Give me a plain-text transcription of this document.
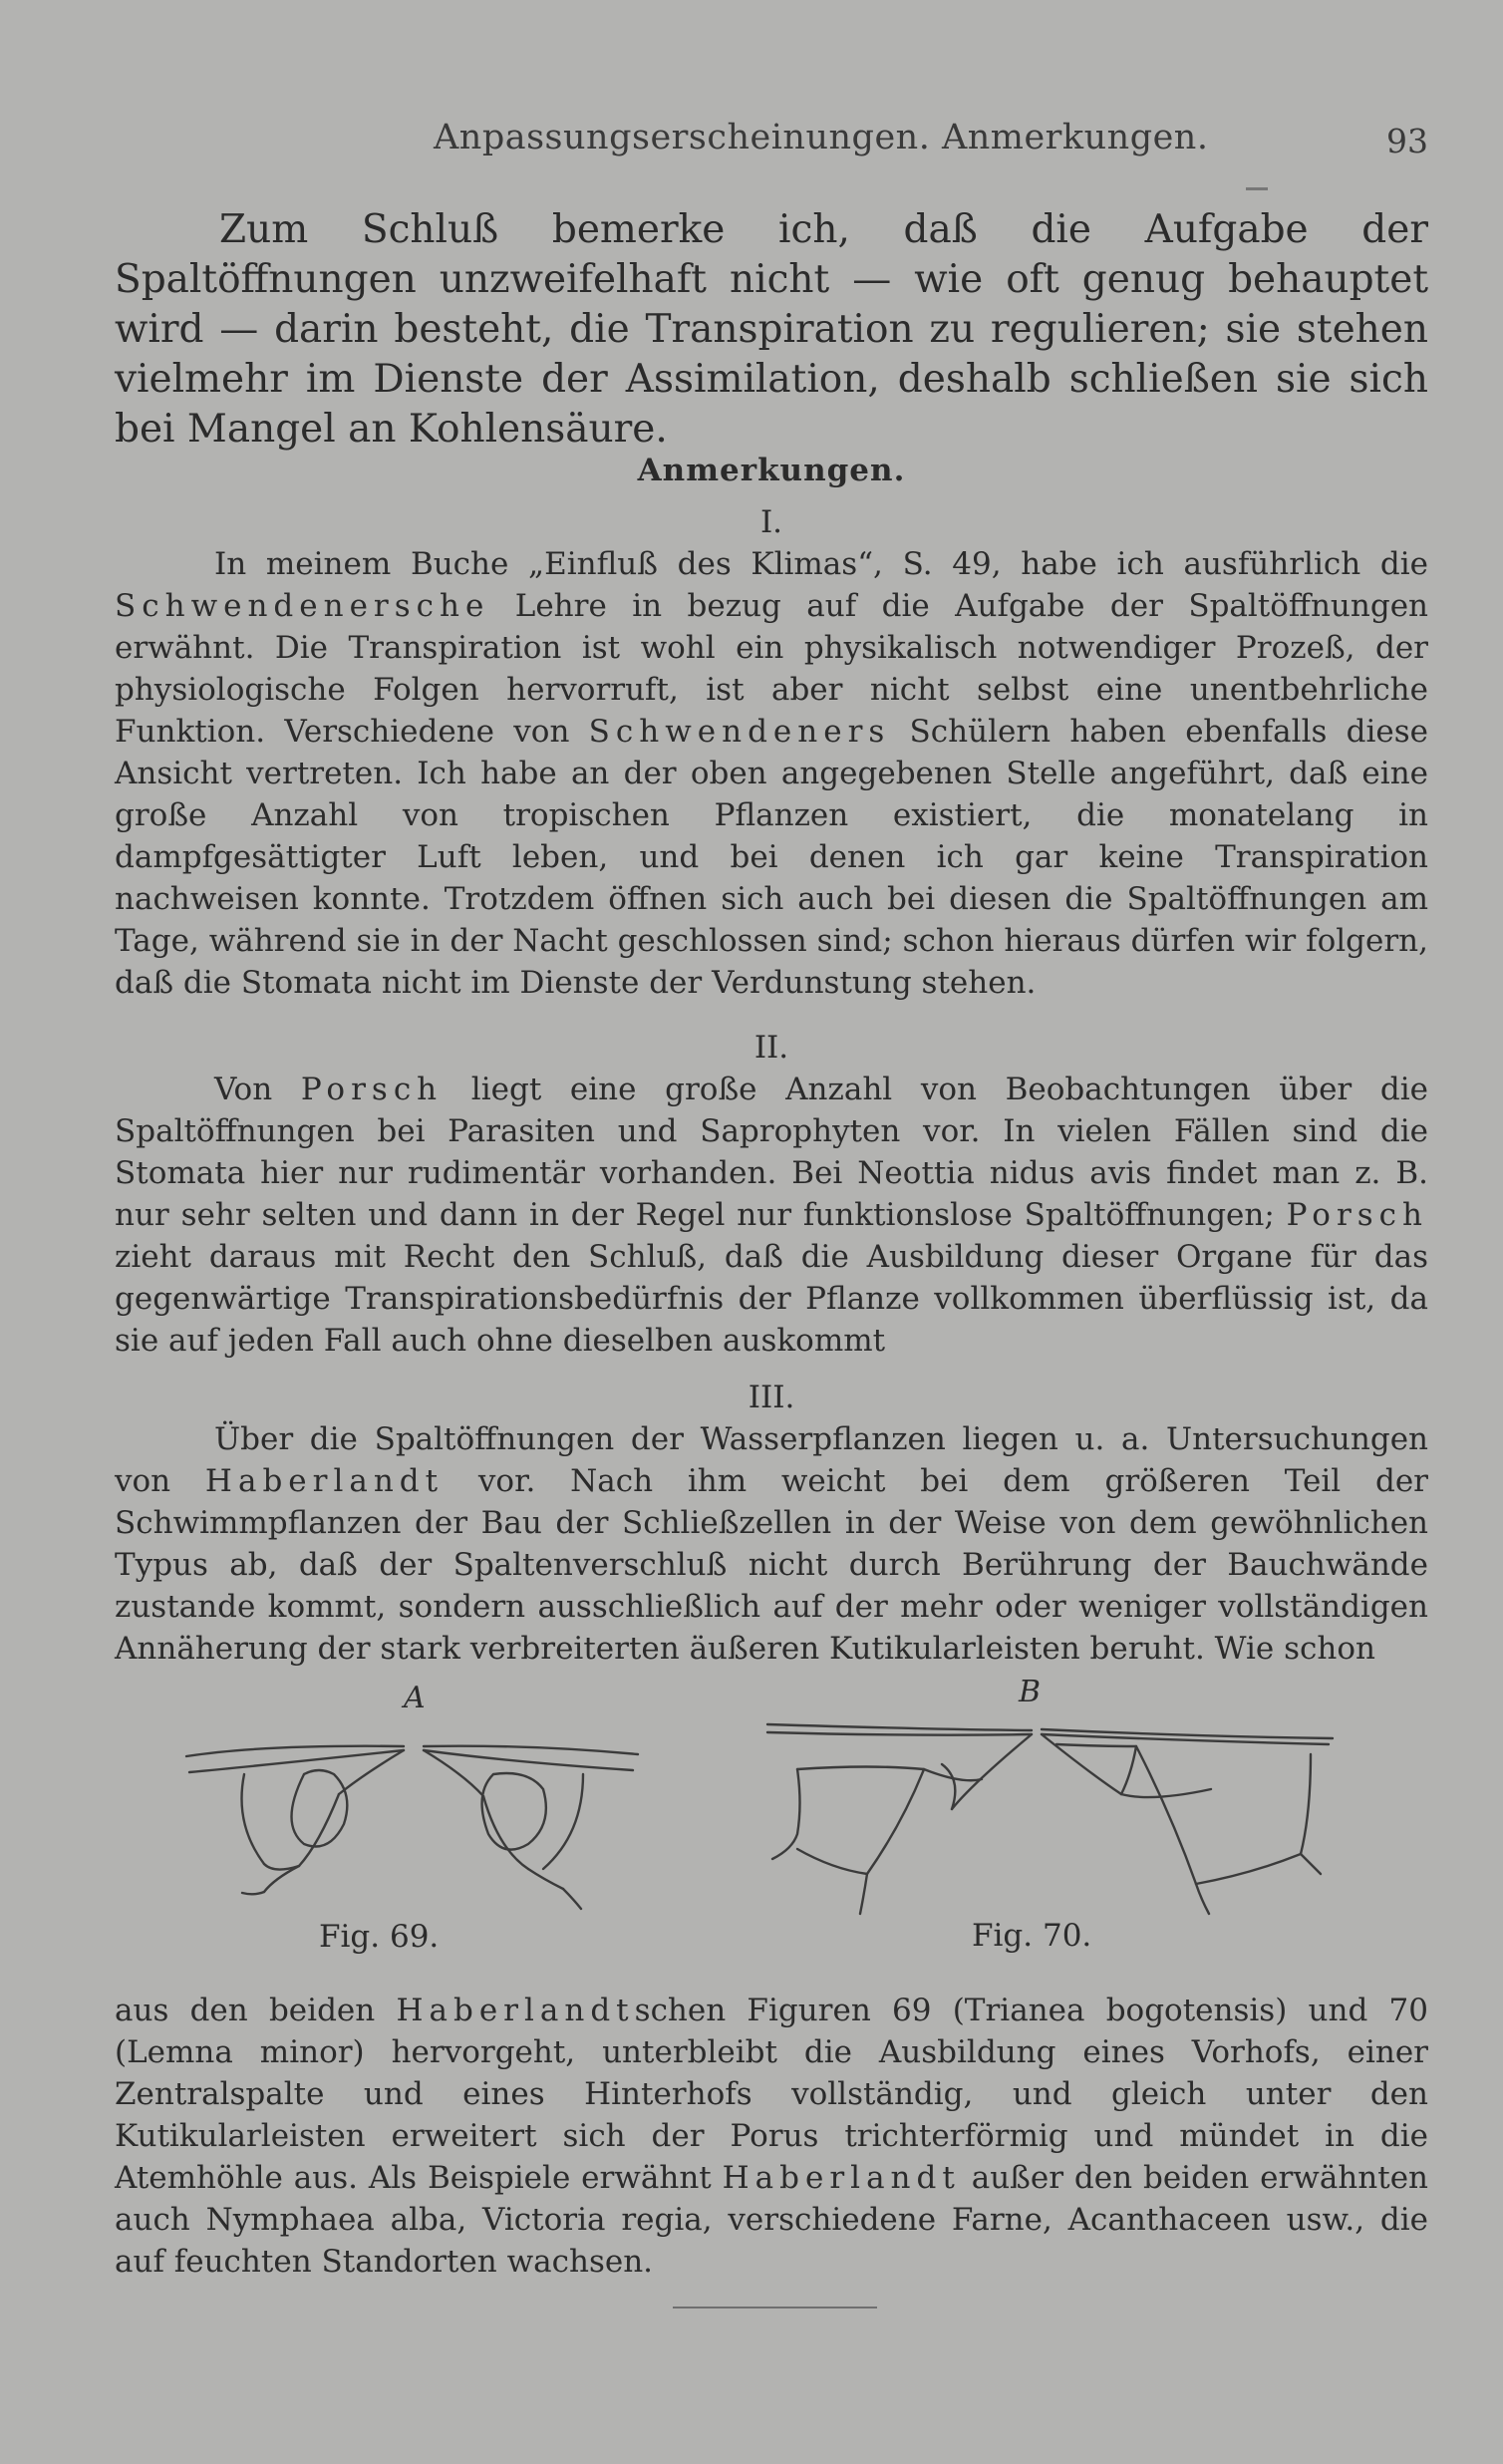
Anpassungserscheinungen. Anmerkungen.	93

Zum Schluß bemerke ich, daß die Aufgabe der Spaltöffnungen unzweifelhaft nicht — wie oft genug behauptet wird — darin besteht, die Transpiration zu regulieren; sie stehen vielmehr im Dienste der Assimilation, deshalb schließen sie sich bei Mangel an Kohlensäure.

Anmerkungen.
I.

In meinem Buche „Einfluß des Klimas“, S. 49, habe ich ausführlich die Schwendenersche Lehre in bezug auf die Aufgabe der Spaltöffnungen erwähnt. Die Transpiration ist wohl ein physikalisch notwendiger Prozeß, der physiologische Folgen hervorruft, ist aber nicht selbst eine unentbehrliche Funktion. Verschiedene von Schwendeners Schülern haben ebenfalls diese Ansicht vertreten. Ich habe an der oben angegebenen Stelle angeführt, daß eine große Anzahl von tropischen Pflanzen existiert, die monatelang in dampfgesättigter Luft leben, und bei denen ich gar keine Transpiration nachweisen konnte. Trotzdem öffnen sich auch bei diesen die Spaltöffnungen am Tage, während sie in der Nacht geschlossen sind; schon hieraus dürfen wir folgern, daß die Stomata nicht im Dienste der Verdunstung stehen.

II.

Von Porsch liegt eine große Anzahl von Beobachtungen über die Spaltöffnungen bei Parasiten und Saprophyten vor. In vielen Fällen sind die Stomata hier nur rudimentär vorhanden. Bei Neottia nidus avis findet man z. B. nur sehr selten und dann in der Regel nur funktionslose Spaltöffnungen; Porsch zieht daraus mit Recht den Schluß, daß die Ausbildung dieser Organe für das gegenwärtige Transpirationsbedürfnis der Pflanze vollkommen überflüssig ist, da sie auf jeden Fall auch ohne dieselben auskommt

III.

Über die Spaltöffnungen der Wasserpflanzen liegen u. a. Untersuchungen von Haberlandt vor. Nach ihm weicht bei dem größeren Teil der Schwimmpflanzen der Bau der Schließzellen in der Weise von dem gewöhnlichen Typus ab, daß der Spaltenverschluß nicht durch Berührung der Bauchwände zustande kommt, sondern ausschließlich auf der mehr oder weniger vollständigen Annäherung der stark verbreiterten äußeren Kutikularleisten beruht. Wie schon

A	B
Fig. 69.	Fig. 70.

aus den beiden Haberlandtschen Figuren 69 (Trianea bogotensis) und 70 (Lemna minor) hervorgeht, unterbleibt die Ausbildung eines Vorhofs, einer Zentralspalte und eines Hinterhofs vollständig, und gleich unter den Kutikularleisten erweitert sich der Porus trichterförmig und mündet in die Atemhöhle aus. Als Beispiele erwähnt Haberlandt außer den beiden erwähnten auch Nymphaea alba, Victoria regia, verschiedene Farne, Acanthaceen usw., die auf feuchten Standorten wachsen.
